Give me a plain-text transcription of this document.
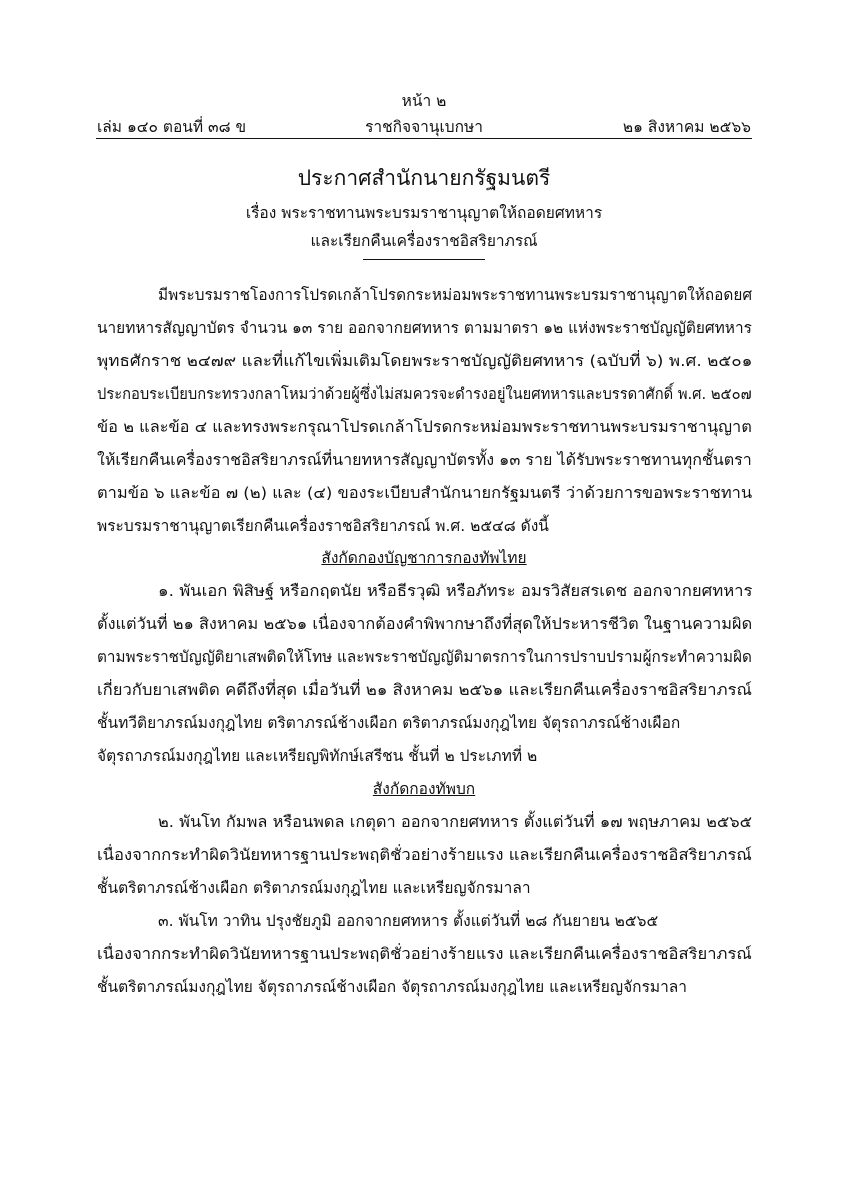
หน้า ๒
เล่ม ๑๔๐ ตอนที่ ๓๘ ข	ราชกิจจานุเบกษา	๒๑ สิงหาคม ๒๕๖๖
ประกาศสำนักนายกรัฐมนตรี
เรื่อง พระราชทานพระบรมราชานุญาตให้ถอดยศทหาร
และเรียกคืนเครื่องราชอิสริยาภรณ์
มีพระบรมราชโองการโปรดเกล้าโปรดกระหม่อมพระราชทานพระบรมราชานุญาตให้ถอดยศ
นายทหารสัญญาบัตร จำนวน ๑๓ ราย ออกจากยศทหาร ตามมาตรา ๑๒ แห่งพระราชบัญญัติยศทหาร
พุทธศักราช ๒๔๗๙ และที่แก้ไขเพิ่มเติมโดยพระราชบัญญัติยศทหาร (ฉบับที่ ๖) พ.ศ. ๒๕๐๑
ประกอบระเบียบกระทรวงกลาโหมว่าด้วยผู้ซึ่งไม่สมควรจะดำรงอยู่ในยศทหารและบรรดาศักดิ์ พ.ศ. ๒๕๐๗
ข้อ ๒ และข้อ ๔ และทรงพระกรุณาโปรดเกล้าโปรดกระหม่อมพระราชทานพระบรมราชานุญาต
ให้เรียกคืนเครื่องราชอิสริยาภรณ์ที่นายทหารสัญญาบัตรทั้ง ๑๓ ราย ได้รับพระราชทานทุกชั้นตรา
ตามข้อ ๖ และข้อ ๗ (๒) และ (๔) ของระเบียบสำนักนายกรัฐมนตรี ว่าด้วยการขอพระราชทาน
พระบรมราชานุญาตเรียกคืนเครื่องราชอิสริยาภรณ์ พ.ศ. ๒๕๔๘ ดังนี้
สังกัดกองบัญชาการกองทัพไทย
๑. พันเอก พิสิษฐ์ หรือกฤตนัย หรือธีรวุฒิ หรือภัทระ อมรวิสัยสรเดช ออกจากยศทหาร
ตั้งแต่วันที่ ๒๑ สิงหาคม ๒๕๖๑ เนื่องจากต้องคำพิพากษาถึงที่สุดให้ประหารชีวิต ในฐานความผิด
ตามพระราชบัญญัติยาเสพติดให้โทษ และพระราชบัญญัติมาตรการในการปราบปรามผู้กระทำความผิด
เกี่ยวกับยาเสพติด คดีถึงที่สุด เมื่อวันที่ ๒๑ สิงหาคม ๒๕๖๑ และเรียกคืนเครื่องราชอิสริยาภรณ์
ชั้นทวีติยาภรณ์มงกุฎไทย ตริตาภรณ์ช้างเผือก ตริตาภรณ์มงกุฎไทย จัตุรถาภรณ์ช้างเผือก
จัตุรถาภรณ์มงกุฎไทย และเหรียญพิทักษ์เสรีชน ชั้นที่ ๒ ประเภทที่ ๒
สังกัดกองทัพบก
๒. พันโท กัมพล หรือนพดล เกตุดา ออกจากยศทหาร ตั้งแต่วันที่ ๑๗ พฤษภาคม ๒๕๖๕
เนื่องจากกระทำผิดวินัยทหารฐานประพฤติชั่วอย่างร้ายแรง และเรียกคืนเครื่องราชอิสริยาภรณ์
ชั้นตริตาภรณ์ช้างเผือก ตริตาภรณ์มงกุฎไทย และเหรียญจักรมาลา
๓. พันโท วาทิน ปรุงชัยภูมิ ออกจากยศทหาร ตั้งแต่วันที่ ๒๘ กันยายน ๒๕๖๕
เนื่องจากกระทำผิดวินัยทหารฐานประพฤติชั่วอย่างร้ายแรง และเรียกคืนเครื่องราชอิสริยาภรณ์
ชั้นตริตาภรณ์มงกุฎไทย จัตุรถาภรณ์ช้างเผือก จัตุรถาภรณ์มงกุฎไทย และเหรียญจักรมาลา
